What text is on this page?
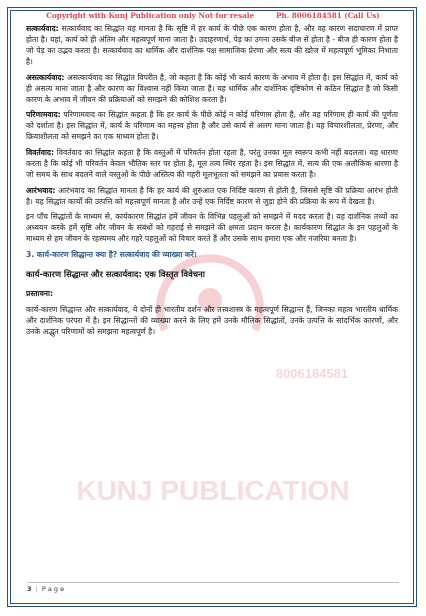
Copyright with Kunj Publication only Not for resale	Ph. 8006184581 (Call Us)
KUNJ PUBLICATION
8006184581

सत्कार्यवाद: सत्कार्यवाद का सिद्धांत यह मानता है कि सृष्टि में हर कार्य के पीछे एक कारण होता है, और वह कारण सदाचारण में प्राप्त होता है। यहां, कार्य को ही अंतिम और महत्वपूर्ण माना जाता है। उदाहरणार्थ, पेड़ का उगना उसके बीज से होता है - बीज ही कारण होता है जो पेड़ का उद्भव करता है। सत्कार्यवाद का धार्मिक और दार्शनिक पक्ष सामाजिक प्रेरणा और सत्य की खोज में महत्वपूर्ण भूमिका निभाता है।

असत्कार्यवाद: असत्कार्यवाद का सिद्धांत विपरीत है, जो कहता है कि कोई भी कार्य कारण के अभाव में होता है। इस सिद्धांत में, कार्य को ही असत्य माना जाता है और कारण का विश्वास नहीं किया जाता है। यह धार्मिक और दार्शनिक दृष्टिकोण से कठिन सिद्धांत है जो किसी कारण के अभाव में जीवन की प्रक्रियाओं को समझने की कोशिश करता है।

परिणामवाद: परिणामवाद का सिद्धांत कहता है कि हर कार्य के पीछे कोई न कोई परिणाम होता है, और वह परिणाम ही कार्य की पूर्णता को दर्शाता है। इस सिद्धांत में, कार्य के परिणाम का महत्त्व होता है और उसे कार्य से अलग माना जाता है। यह विचारशीलता, प्रेरणा, और क्रियाशीलता को समझने का एक माध्यम होता है।

विवर्तवाद: विवर्तवाद का सिद्धांत कहता है कि वस्तुओं में परिवर्तन होता रहता है, परंतु उनका मूल स्वरूप कभी नहीं बदलता। यह धारणा करता है कि कोई भी परिवर्तन केवल भौतिक स्तर पर होता है, मूल तत्व स्थिर रहता है। इस सिद्धांत में, सत्य की एक अलौकिक धारणा है जो समय के साथ बदलने वाले वस्तुओं के पीछे अस्तित्व की गहरी मूलभूतता को समझने का प्रयास करता है।

आरंभवाद: आरंभवाद का सिद्धांत मानता है कि हर कार्य की शुरुआत एक निर्दिष्ट कारण से होती है, जिससे सृष्टि की प्रक्रिया आरंभ होती है। यह सिद्धांत कार्यों की उत्पत्ति को महत्त्वपूर्ण मानता है और उन्हें एक निर्दिष्ट कारण से जुड़ा होने की प्रक्रिया के रूप में देखता है।

इन पाँच सिद्धांतों के माध्यम से, कार्यकारण सिद्धांत हमें जीवन के विभिन्न पहलुओं को समझने में मदद करता है। यह दार्शनिक तथ्यों का अध्ययन करके हमें सृष्टि और जीवन के संबंधों को गहराई से समझने की क्षमता प्रदान करता है। कार्यकारण सिद्धांत के इन पहलुओं के माध्यम से हम जीवन के रहस्यमय और गहरे पहलुओं को विचार करते हैं और उसके साथ हमारा एक और नजरिया बनता है।

3. कार्य-कारण सिद्धान्त क्या है? सत्कार्यवाद की व्याख्या करें।

कार्य-कारण सिद्धान्त और सत्कार्यवाद: एक विस्तृत विवेचना

प्रस्तावना:

कार्य-कारण सिद्धान्त और सत्कार्यवाद, ये दोनों ही भारतीय दर्शन और तत्त्वशास्त्र के महत्वपूर्ण सिद्धान्त हैं, जिनका महत्व भारतीय धार्मिक और दार्शनिक परंपरा में है। इन सिद्धान्तों की व्याख्या करने के लिए हमें उनके मौलिक सिद्धांतों, उनके उत्पत्ति के सांदर्भिक कारणों, और उनके अद्भुत परिणामों को समझना महत्वपूर्ण है।

3 | P a g e
